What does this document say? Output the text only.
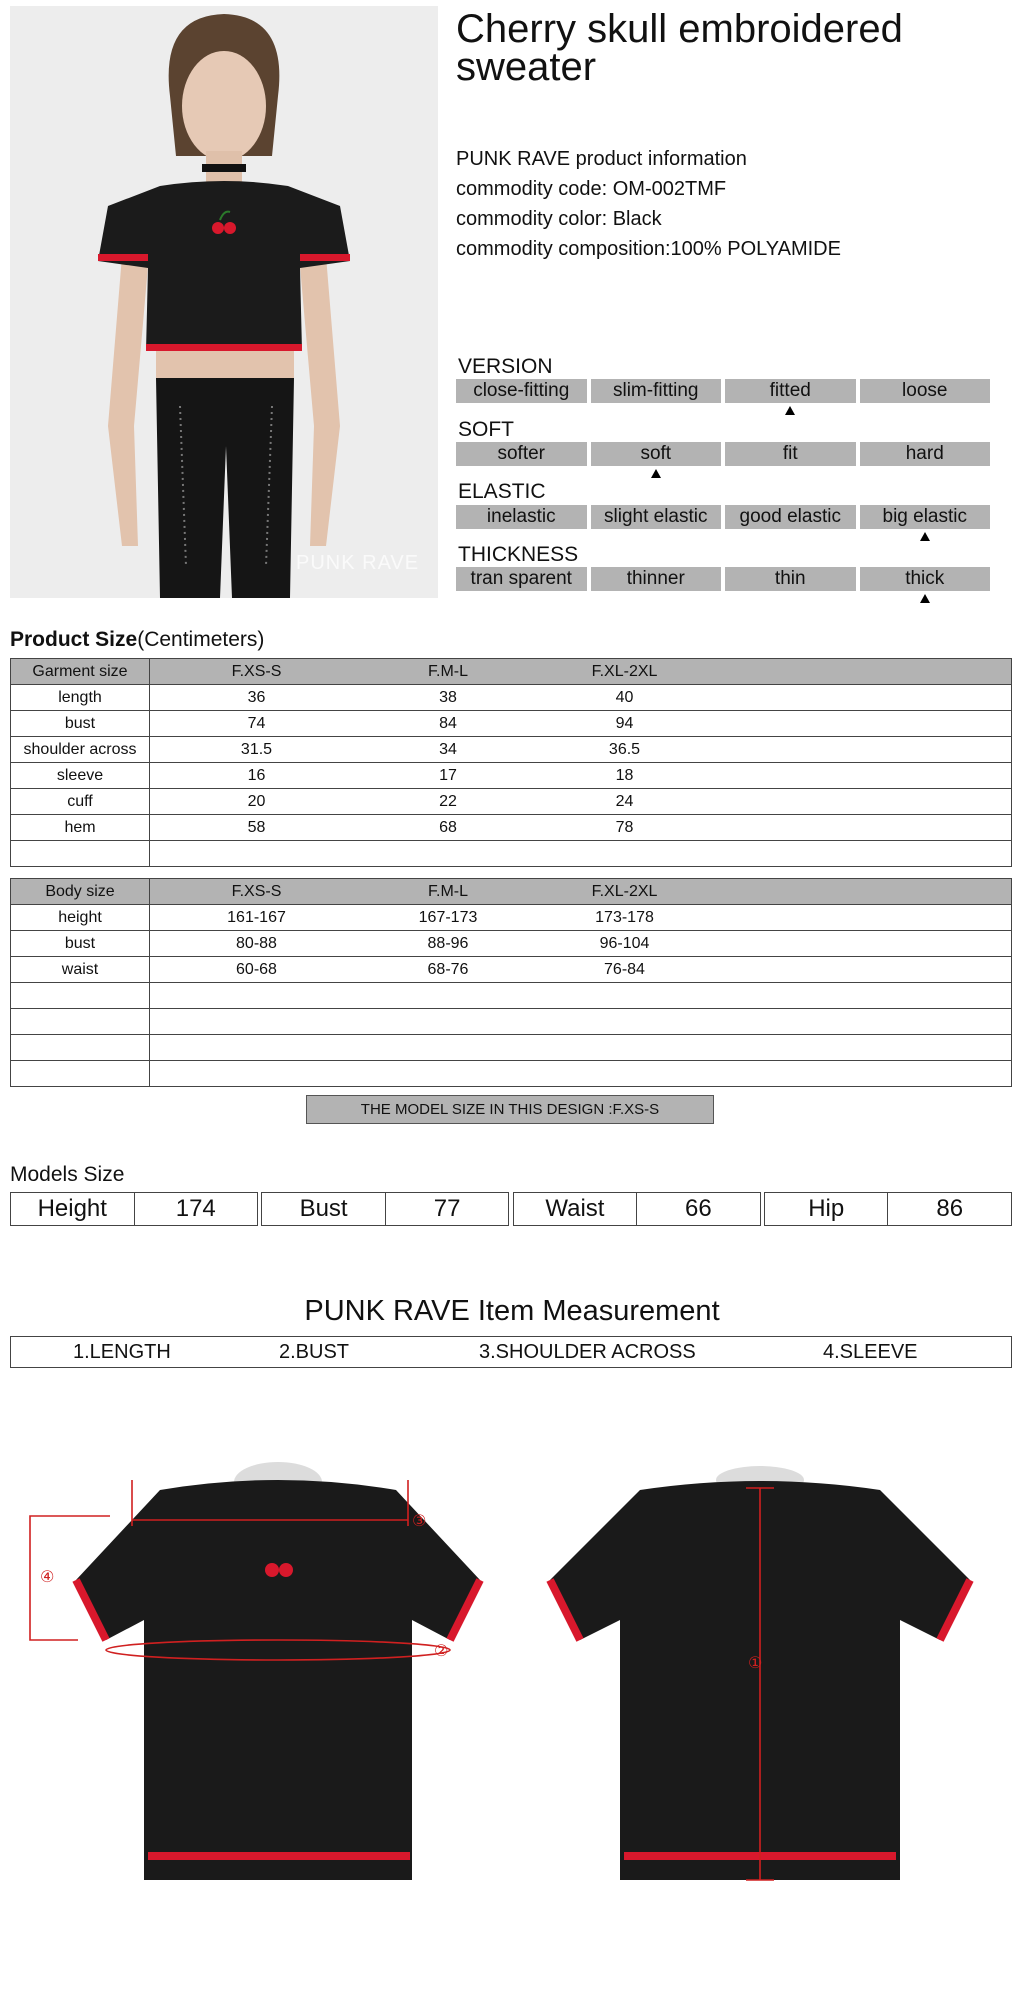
PUNK RAVE
Cherry skull embroidered sweater
PUNK RAVE product information
commodity code: OM-002TMF
commodity color: Black
commodity composition:100% POLYAMIDE
VERSION
close-fitting	slim-fitting	fitted	loose
SOFT
softer	soft	fit	hard
ELASTIC
inelastic	slight elastic	good elastic	big elastic
THICKNESS
tran sparent	thinner	thin	thick
Product Size(Centimeters)
Garment size	F.XS-S F.M-L F.XL-2XL

length	36 38 40

bust	74 84 94

shoulder across	31.5 34 36.5

sleeve	16 17 18

cuff	20 22 24

hem	58 68 78

Body size	F.XS-S F.M-L F.XL-2XL

height	161-167 167-173 173-178

bust	80-88 88-96 96-104

waist	60-68 68-76 76-84

THE MODEL SIZE IN THIS DESIGN :F.XS-S
Models Size
Height	174	Bust	77	Waist	66	Hip	86
PUNK RAVE Item Measurement
1.LENGTH	2.BUST	3.SHOULDER ACROSS	4.SLEEVE
③
②
④
①
